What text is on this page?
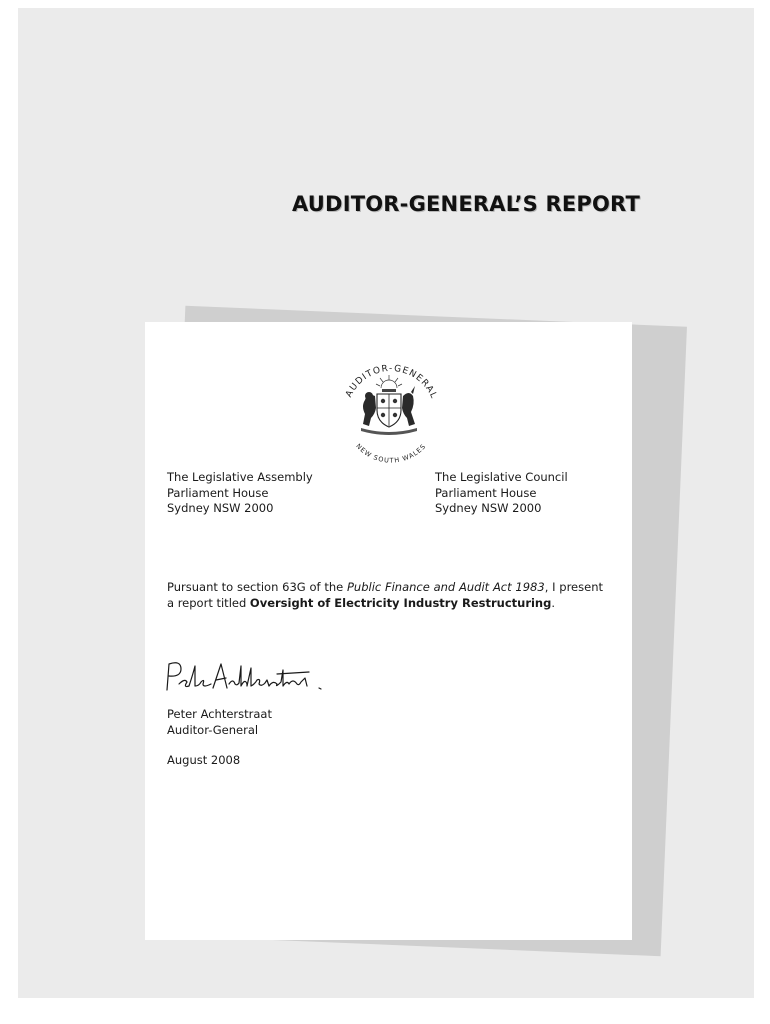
AUDITOR-GENERAL’S REPORT
AUDITOR-GENERAL
NEW SOUTH WALES
The Legislative Assembly
Parliament House
Sydney NSW 2000
The Legislative Council
Parliament House
Sydney NSW 2000
Pursuant to section 63G of the Public Finance and Audit Act 1983, I present a report titled Oversight of Electricity Industry Restructuring.
Peter Achterstraat
Auditor-General
August 2008
